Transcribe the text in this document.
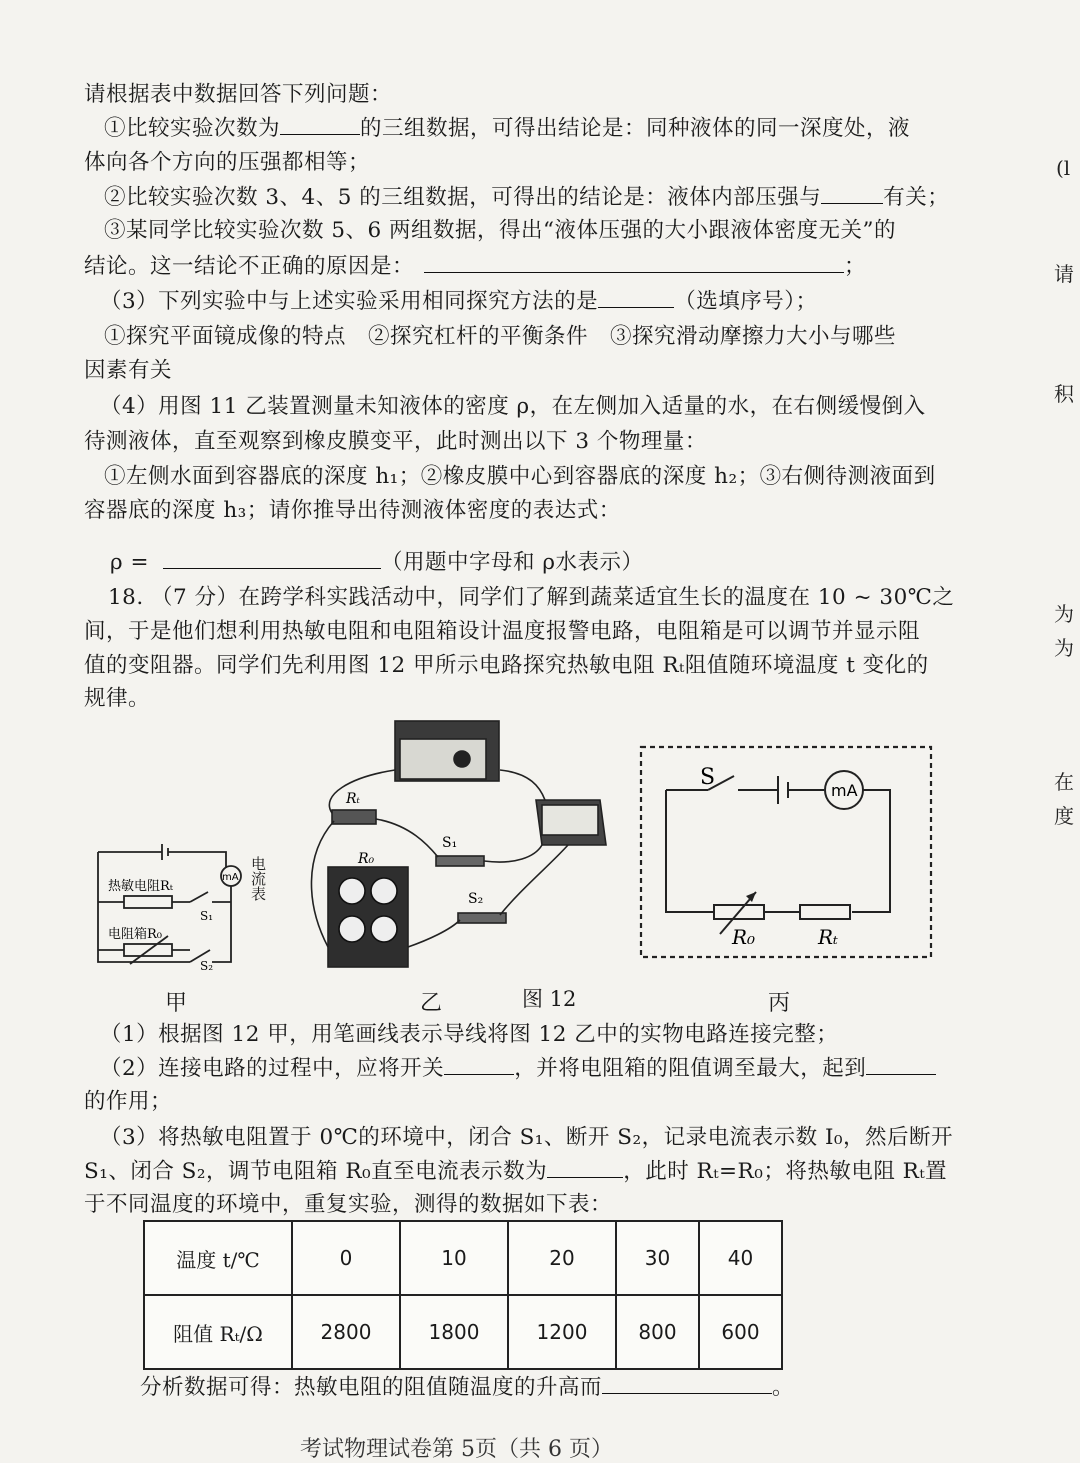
请根据表中数据回答下列问题：
①比较实验次数为	的三组数据，可得出结论是：同种液体的同一深度处，液
体向各个方向的压强都相等；
②比较实验次数 3、4、5 的三组数据，可得出的结论是：液体内部压强与	有关；
③某同学比较实验次数 5、6 两组数据，得出“液体压强的大小跟液体密度无关”的
结论。这一结论不正确的原因是：	；
（3）下列实验中与上述实验采用相同探究方法的是	（选填序号）；
①探究平面镜成像的特点　②探究杠杆的平衡条件　③探究滑动摩擦力大小与哪些
因素有关
（4）用图 11 乙装置测量未知液体的密度 ρ，在左侧加入适量的水，在右侧缓慢倒入
待测液体，直至观察到橡皮膜变平，此时测出以下 3 个物理量：
①左侧水面到容器底的深度 h₁；②橡皮膜中心到容器底的深度 h₂；③右侧待测液面到
容器底的深度 h₃；请你推导出待测液体密度的表达式：
ρ =	（用题中字母和 ρ水表示）
18. （7 分）在跨学科实践活动中，同学们了解到蔬菜适宜生长的温度在 10 ~ 30℃之
间，于是他们想利用热敏电阻和电阻箱设计温度报警电路，电阻箱是可以调节并显示阻
值的变阻器。同学们先利用图 12 甲所示电路探究热敏电阻 Rₜ阻值随环境温度 t 变化的
规律。
热敏电阻Rₜ
电阻箱R₀
mA
S₁
S₂
电流表
Rₜ
R₀
S₁
S₂
S
mA
R₀	Rₜ
甲	乙	图 12	丙
（1）根据图 12 甲，用笔画线表示导线将图 12 乙中的实物电路连接完整；
（2）连接电路的过程中，应将开关	，并将电阻箱的阻值调至最大，起到
的作用；
（3）将热敏电阻置于 0℃的环境中，闭合 S₁、断开 S₂，记录电流表示数 I₀，然后断开
S₁、闭合 S₂，调节电阻箱 R₀直至电流表示数为	，此时 Rₜ=R₀；将热敏电阻 Rₜ置
于不同温度的环境中，重复实验，测得的数据如下表：
温度 t/℃	0	10	20	30	40
阻值 Rₜ/Ω	2800	1800	1200	800	600
分析数据可得：热敏电阻的阻值随温度的升高而	。
考试物理试卷第 5页（共 6 页）
(l
请
积
为
为
在
度
